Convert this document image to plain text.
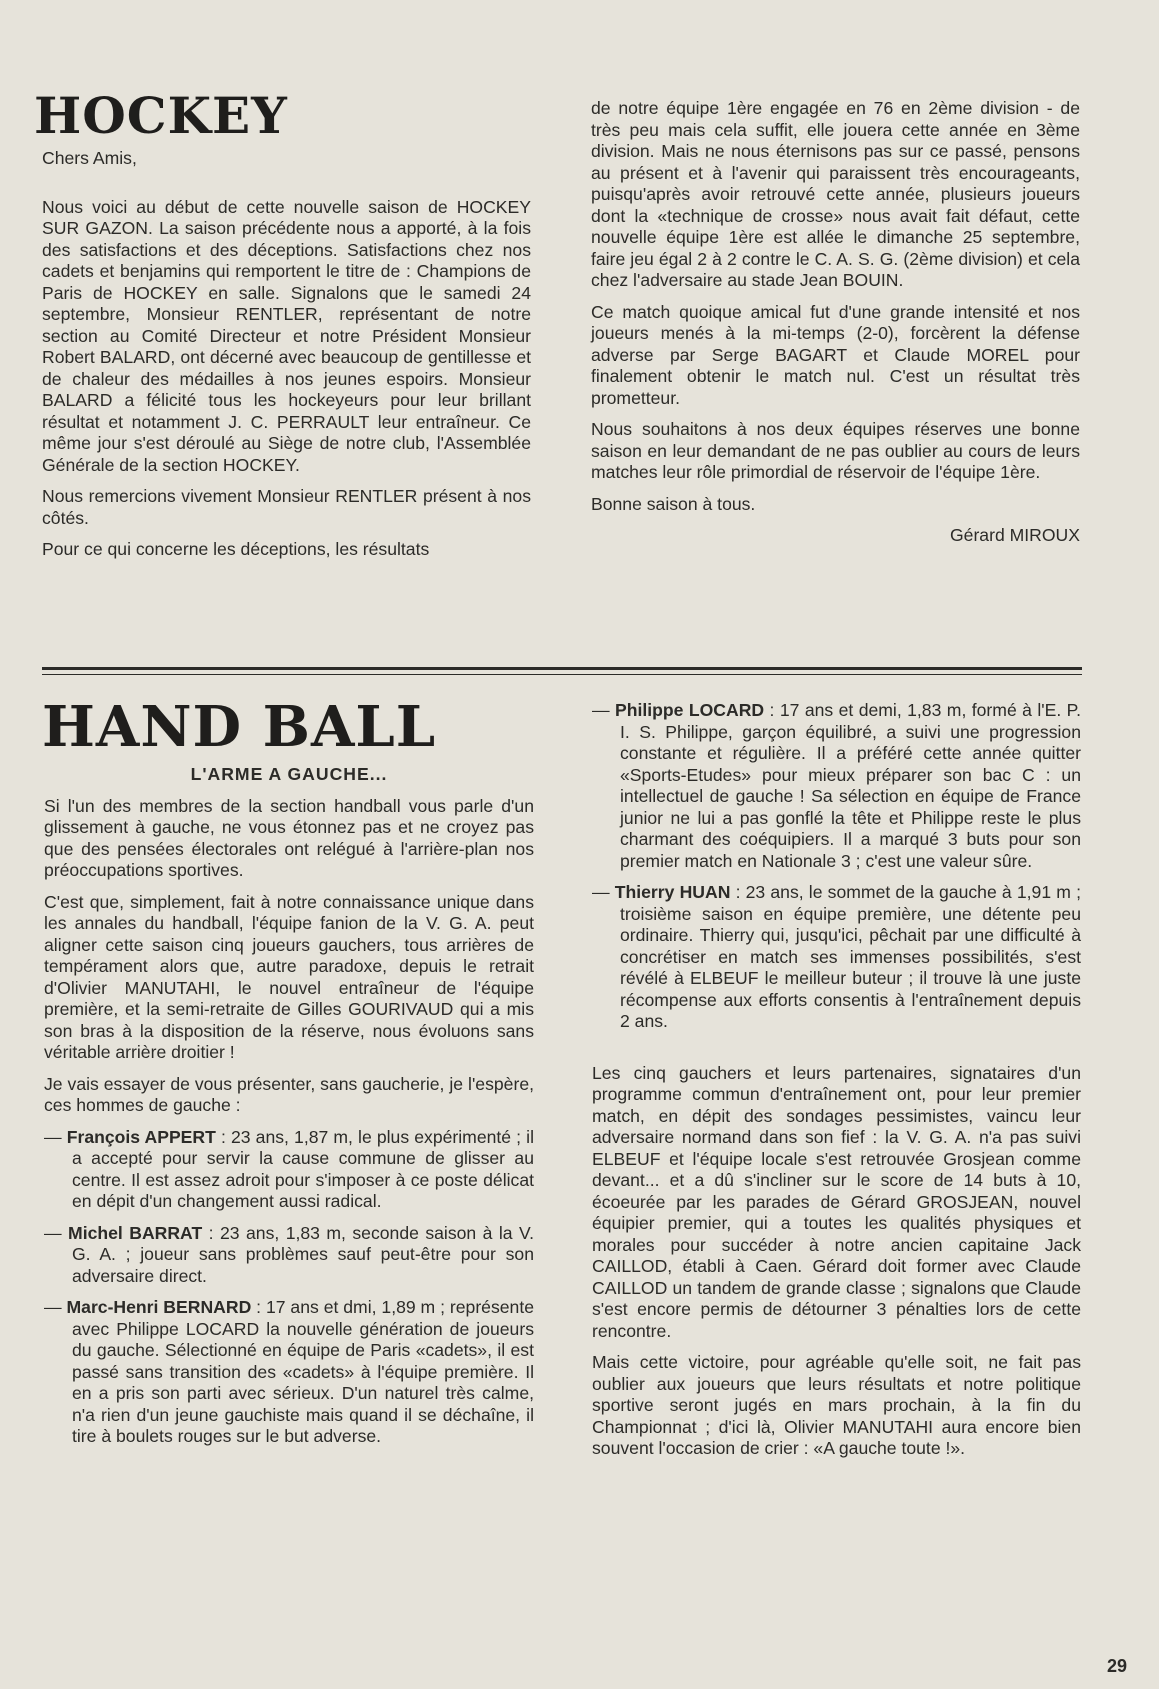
HOCKEY

Chers Amis,

Nous voici au début de cette nouvelle saison de HOCKEY SUR GAZON. La saison précédente nous a apporté, à la fois des satisfactions et des déceptions. Satisfactions chez nos cadets et benjamins qui remportent le titre de : Champions de Paris de HOCKEY en salle. Signalons que le samedi 24 septembre, Monsieur RENTLER, représentant de notre section au Comité Directeur et notre Président Monsieur Robert BALARD, ont décerné avec beaucoup de gentillesse et de chaleur des médailles à nos jeunes espoirs. Monsieur BALARD a félicité tous les hockeyeurs pour leur brillant résultat et notamment J. C. PERRAULT leur entraîneur. Ce même jour s'est déroulé au Siège de notre club, l'Assemblée Générale de la section HOCKEY.

Nous remercions vivement Monsieur RENTLER présent à nos côtés.

Pour ce qui concerne les déceptions, les résultats

de notre équipe 1ère engagée en 76 en 2ème division - de très peu mais cela suffit, elle jouera cette année en 3ème division. Mais ne nous éternisons pas sur ce passé, pensons au présent et à l'avenir qui paraissent très encourageants, puisqu'après avoir retrouvé cette année, plusieurs joueurs dont la «technique de crosse» nous avait fait défaut, cette nouvelle équipe 1ère est allée le dimanche 25 septembre, faire jeu égal 2 à 2 contre le C. A. S. G. (2ème division) et cela chez l'adversaire au stade Jean BOUIN.

Ce match quoique amical fut d'une grande intensité et nos joueurs menés à la mi-temps (2-0), forcèrent la défense adverse par Serge BAGART et Claude MOREL pour finalement obtenir le match nul. C'est un résultat très prometteur.

Nous souhaitons à nos deux équipes réserves une bonne saison en leur demandant de ne pas oublier au cours de leurs matches leur rôle primordial de réservoir de l'équipe 1ère.

Bonne saison à tous.

Gérard MIROUX

HAND BALL

L'ARME A GAUCHE...

Si l'un des membres de la section handball vous parle d'un glissement à gauche, ne vous étonnez pas et ne croyez pas que des pensées électorales ont relégué à l'arrière-plan nos préoccupations sportives.

C'est que, simplement, fait à notre connaissance unique dans les annales du handball, l'équipe fanion de la V. G. A. peut aligner cette saison cinq joueurs gauchers, tous arrières de tempérament alors que, autre paradoxe, depuis le retrait d'Olivier MANUTAHI, le nouvel entraîneur de l'équipe première, et la semi-retraite de Gilles GOURIVAUD qui a mis son bras à la disposition de la réserve, nous évoluons sans véritable arrière droitier !

Je vais essayer de vous présenter, sans gaucherie, je l'espère, ces hommes de gauche :

— François APPERT : 23 ans, 1,87 m, le plus expérimenté ; il a accepté pour servir la cause commune de glisser au centre. Il est assez adroit pour s'imposer à ce poste délicat en dépit d'un changement aussi radical.

— Michel BARRAT : 23 ans, 1,83 m, seconde saison à la V. G. A. ; joueur sans problèmes sauf peut-être pour son adversaire direct.

— Marc-Henri BERNARD : 17 ans et dmi, 1,89 m ; représente avec Philippe LOCARD la nouvelle génération de joueurs du gauche. Sélectionné en équipe de Paris «cadets», il est passé sans transition des «cadets» à l'équipe première. Il en a pris son parti avec sérieux. D'un naturel très calme, n'a rien d'un jeune gauchiste mais quand il se déchaîne, il tire à boulets rouges sur le but adverse.

— Philippe LOCARD : 17 ans et demi, 1,83 m, formé à l'E. P. I. S. Philippe, garçon équilibré, a suivi une progression constante et régulière. Il a préféré cette année quitter «Sports-Etudes» pour mieux préparer son bac C : un intellectuel de gauche ! Sa sélection en équipe de France junior ne lui a pas gonflé la tête et Philippe reste le plus charmant des coéquipiers. Il a marqué 3 buts pour son premier match en Nationale 3 ; c'est une valeur sûre.

— Thierry HUAN : 23 ans, le sommet de la gauche à 1,91 m ; troisième saison en équipe première, une détente peu ordinaire. Thierry qui, jusqu'ici, pêchait par une difficulté à concrétiser en match ses immenses possibilités, s'est révélé à ELBEUF le meilleur buteur ; il trouve là une juste récompense aux efforts consentis à l'entraînement depuis 2 ans.

Les cinq gauchers et leurs partenaires, signataires d'un programme commun d'entraînement ont, pour leur premier match, en dépit des sondages pessimistes, vaincu leur adversaire normand dans son fief : la V. G. A. n'a pas suivi ELBEUF et l'équipe locale s'est retrouvée Grosjean comme devant... et a dû s'incliner sur le score de 14 buts à 10, écoeurée par les parades de Gérard GROSJEAN, nouvel équipier premier, qui a toutes les qualités physiques et morales pour succéder à notre ancien capitaine Jack CAILLOD, établi à Caen. Gérard doit former avec Claude CAILLOD un tandem de grande classe ; signalons que Claude s'est encore permis de détourner 3 pénalties lors de cette rencontre.

Mais cette victoire, pour agréable qu'elle soit, ne fait pas oublier aux joueurs que leurs résultats et notre politique sportive seront jugés en mars prochain, à la fin du Championnat ; d'ici là, Olivier MANUTAHI aura encore bien souvent l'occasion de crier : «A gauche toute !».

29
